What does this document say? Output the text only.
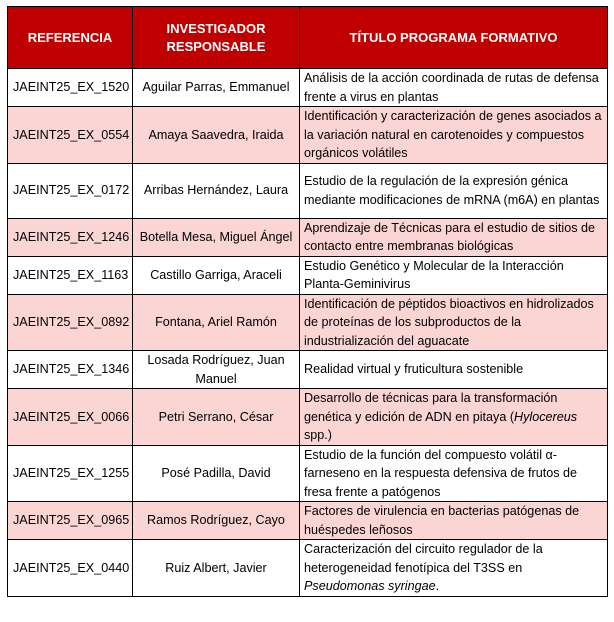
REFERENCIA	INVESTIGADOR RESPONSABLE	TÍTULO PROGRAMA FORMATIVO
JAEINT25_EX_1520	Aguilar Parras, Emmanuel	Análisis de la acción coordinada de rutas de defensa frente a virus en plantas
JAEINT25_EX_0554	Amaya Saavedra, Iraida	Identificación y caracterización de genes asociados a la variación natural en carotenoides y compuestos orgánicos volátiles
JAEINT25_EX_0172	Arribas Hernández, Laura	Estudio de la regulación de la expresión génica mediante modificaciones de mRNA (m6A) en plantas
JAEINT25_EX_1246	Botella Mesa, Miguel Ángel	Aprendizaje de Técnicas para el estudio de sitios de contacto entre membranas biológicas
JAEINT25_EX_1163	Castillo Garriga, Araceli	Estudio Genético y Molecular de la Interacción Planta-Geminivirus
JAEINT25_EX_0892	Fontana, Ariel Ramón	Identificación de péptidos bioactivos en hidrolizados de proteínas de los subproductos de la industrialización del aguacate
JAEINT25_EX_1346	Losada Rodríguez, Juan Manuel	Realidad virtual y fruticultura sostenible
JAEINT25_EX_0066	Petri Serrano, César	Desarrollo de técnicas para la transformación genética y edición de ADN en pitaya (Hylocereus spp.)
JAEINT25_EX_1255	Posé Padilla, David	Estudio de la función del compuesto volátil α-farneseno en la respuesta defensiva de frutos de fresa frente a patógenos
JAEINT25_EX_0965	Ramos Rodríguez, Cayo	Factores de virulencia en bacterias patógenas de huéspedes leñosos
JAEINT25_EX_0440	Ruiz Albert, Javier	Caracterización del circuito regulador de la heterogeneidad fenotípica del T3SS en Pseudomonas syringae.
